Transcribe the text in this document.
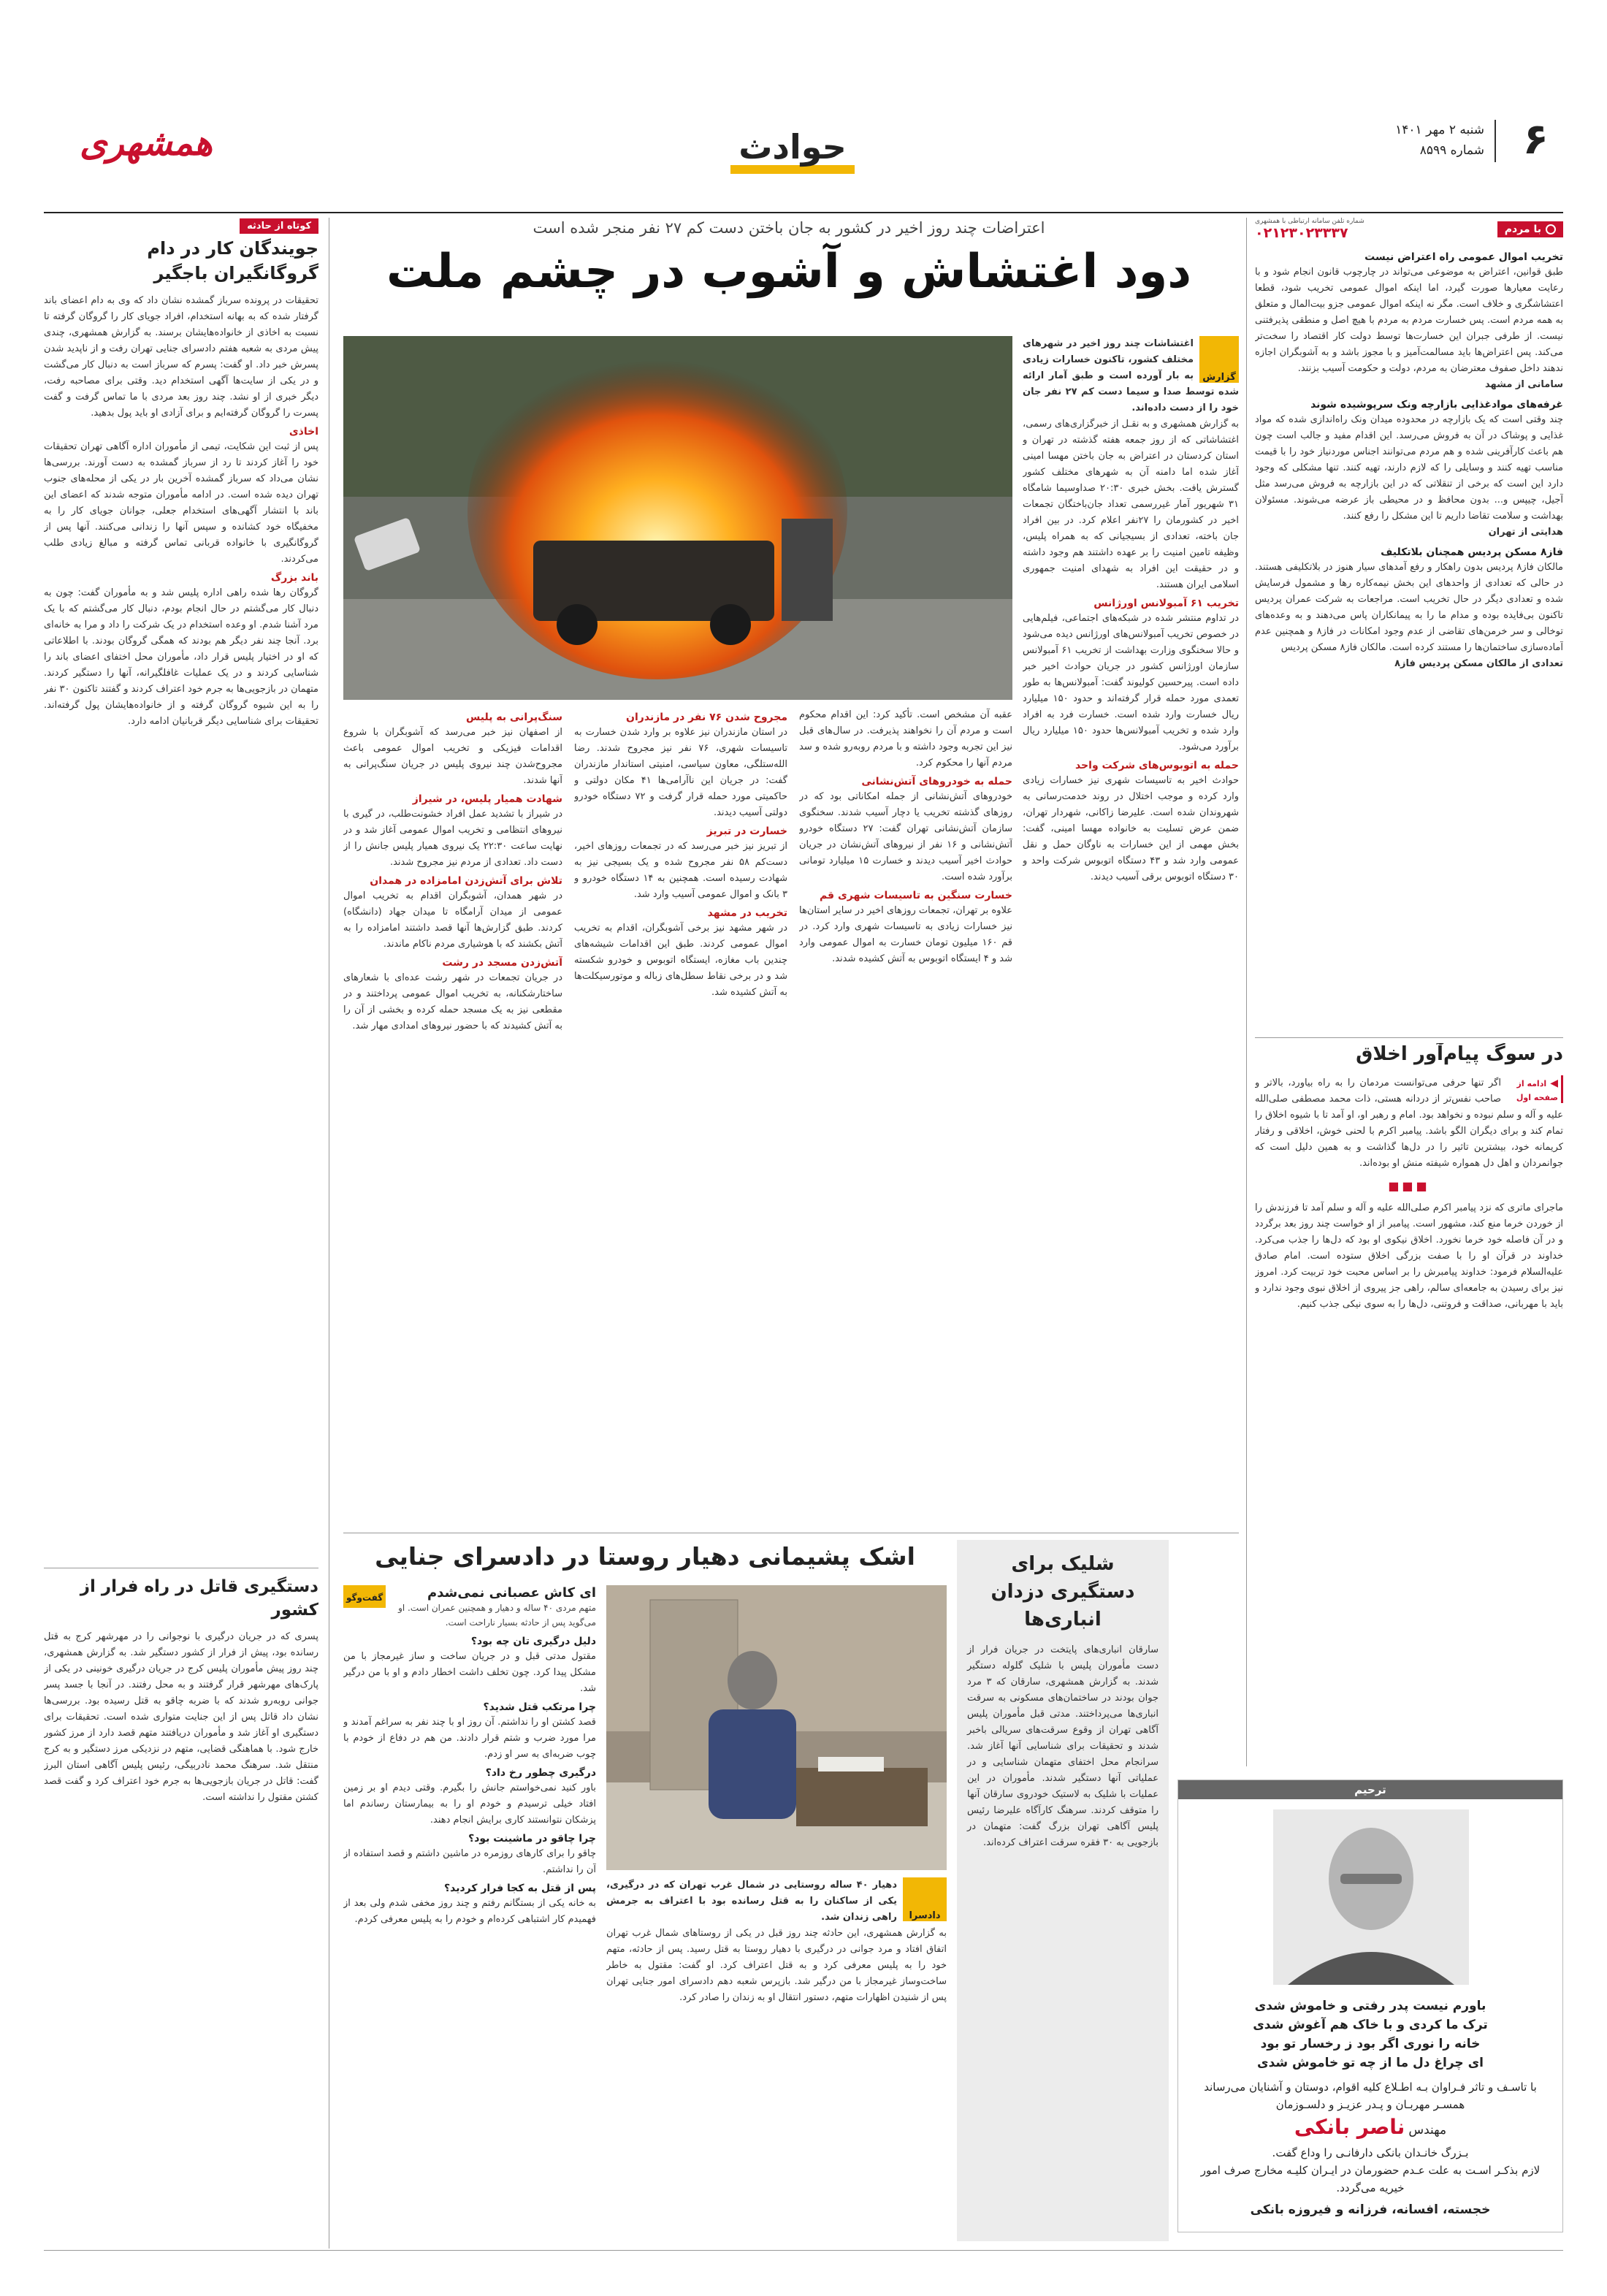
۶
شنبه ۲ مهر ۱۴۰۱
شماره ۸۵۹۹
حوادث
همشهری
با مردم
شماره تلفن سامانه ارتباطی با همشهری
۰۲۱۲۳۰۲۳۳۳۷

تخریب اموال عمومی راه اعتراض نیست

طبق قوانین، اعتراض به موضوعی می‌تواند در چارچوب قانون انجام شود و با رعایت معیارها صورت گیرد، اما اینکه اموال عمومی تخریب شود، قطعا اعتشاشگری و خلاف است. مگر نه اینکه اموال عمومی جزو بیت‌المال و متعلق به همه مردم است. پس خسارت مردم به مردم با هیچ اصل و منطقی پذیرفتنی نیست. از طرفی جبران این خسارت‌ها توسط دولت کار اقتصاد را سخت‌تر می‌کند. پس اعتراض‌ها باید مسالمت‌آمیز و با مجوز باشد و به آشوبگران اجازه ندهند داخل صفوف معترضان به مردم، دولت و حکومت آسیب بزنند.

سامانی از مشهد

غرفه‌های موادغذایی بازارچه ونک سرپوشیده شوند

چند وقتی است که یک بازارچه در محدوده میدان ونک راه‌اندازی شده که مواد غذایی و پوشاک در آن به فروش می‌رسد. این اقدام مفید و جالب است چون هم باعث کارآفرینی شده و هم مردم می‌توانند اجناس موردنیاز خود را با قیمت مناسب تهیه کنند و وسایلی را که لازم دارند، تهیه کنند. تنها مشکلی که وجود دارد این است که برخی از تنقلاتی که در این بازارچه به فروش می‌رسد مثل آجیل، چیپس و... بدون محافظ و در محیطی باز عرضه می‌شوند. مسئولان بهداشت و سلامت تقاضا داریم تا این مشکل را رفع کنند.

هدایتی از تهران

فاز۸ مسکن پردیس همچنان بلاتکلیف

مالکان فاز۸ پردیس بدون راهکار و رفع آمدهای سیار هنوز در بلاتکلیفی هستند. در حالی که تعدادی از واحدهای این بخش نیمه‌کاره رها و مشمول فرسایش شده و تعدادی دیگر در حال تخریب است. مراجعات به شرکت عمران پردیس تاکنون بی‌فایده بوده و مدام ما را به پیمانکاران پاس می‌دهند و به وعده‌های توخالی و سر خرمن‌های تقاضی از عدم وجود امکانات در فاز۸ و همچنین عدم آماده‌سازی ساختمان‌ها را مستند کرده است. مالکان فاز۸ مسکن پردیس

تعدادی از مالکان مسکن پردیس فاز۸

در سوگ پیام‌آور اخلاق
◀ ادامه از صفحه اول

اگر تنها حرفی می‌توانست مردمان را به راه بیاورد، بالاتر و صاحب نفس‌تر از دردانه هستی، ذات محمد مصطفی صلی‌الله علیه و آله و سلم نبوده و نخواهد بود. امام و رهبر او، او آمد تا با شیوه اخلاق را تمام کند و برای دیگران الگو باشد. پیامبر اکرم با لحنی خوش، اخلاقی و رفتار کریمانه خود، بیشترین تاثیر را در دل‌ها گذاشت و به همین دلیل است که جوانمردان و اهل دل همواره شیفته منش او بوده‌اند.

■■■

ماجرای ماتری که نزد پیامبر اکرم صلی‌الله علیه و آله و سلم آمد تا فرزندش را از خوردن خرما منع کند، مشهور است. پیامبر از او خواست چند روز بعد برگردد و در آن فاصله خود خرما نخورد. اخلاق نیکوی او بود که دل‌ها را جذب می‌کرد. خداوند در قرآن او را با صفت بزرگی اخلاق ستوده است. امام صادق علیه‌السلام فرمود: خداوند پیامبرش را بر اساس محبت خود تربیت کرد. امروز نیز برای رسیدن به جامعه‌ای سالم، راهی جز پیروی از اخلاق نبوی وجود ندارد و باید با مهربانی، صداقت و فروتنی، دل‌ها را به سوی نیکی جذب کنیم.

ترحیم
باورم نیست پدر رفتی و خاموش شدی
ترک ما کردی و با خاک هم آغوش شدی
خانه را نوری اگر بود ز رخسار تو بود
ای چراغ دل ما از چه تو خاموش شدی
با تاسـف و تاثر فـراوان بـه اطـلاع کلیه اقوام، دوستان و آشنایان می‌رساند
همسـر مهربـان و پـدر عزیـز و دلسـوزمان
مهندس ناصر بانکی
بـزرگ خانـدان بانکی دارفانـی را وداع گفت.
لازم بذکـر اسـت به علت عـدم حضورمان در ایـران کلیـه مخارج صرف امور خیریه می‌گردد.
خجسته، افسانه، فرزانه و فیروزه بانکی
اعتراضات چند روز اخیر در کشور به جان باختن دست کم ۲۷ نفر منجر شده است
دود اغتشاش و آشوب در چشم ملت
گزارش

اغتشاشات چند روز اخیر در شهرهای مختلف کشور، تاکنون خسارات زیادی به بار آورده است و طبق آمار ارائه شده توسط صدا و سیما دست کم ۲۷ نفر جان خود را از دست داده‌اند.

به گزارش همشهری و به نقـل از خبرگزاری‌های رسمی، اغتشاشاتی که از روز جمعه هفته گذشته در تهران و استان کردستان در اعتراض به جان باختن مهسا امینی آغاز شده اما دامنه آن به شهرهای مختلف کشور گسترش یافت. بخش خبری ۲۰:۳۰ صداوسیما شامگاه ۳۱ شهریور آمار غیررسمی تعداد جان‌باختگان تجمعات اخیر در کشورمان را ۲۷نفر اعلام کرد. در بین افراد جان باخته، تعدادی از بسیجیانی که به همراه پلیس، وظیفه تامین امنیت را بر عهده داشتند هم وجود داشته و در حقیقت این افراد به شهدای امنیت جمهوری اسلامی ایران هستند.

تخریب ۶۱ آمبولانس اورژانس

در تداوم منتشر شده در شبکه‌های اجتماعی، فیلم‌هایی در خصوص تخریب آمبولانس‌های اورژانس دیده می‌شود و حالا سخنگوی وزارت بهداشت از تخریب ۶۱ آمبولانس سازمان اورژانس کشور در جریان حوادث اخیر خبر داده است. پیرحسین کولیوند گفت: آمبولانس‌ها به طور تعمدی مورد حمله قرار گرفته‌اند و حدود ۱۵۰ میلیارد ریال خسارت وارد شده است. خسارت فرد به افراد وارد شده و تخریب آمبولانس‌ها حدود ۱۵۰ میلیارد ریال برآورد می‌شود.

حمله به اتوبوس‌های شرکت واحد

حوادث اخیر به تاسیسات شهری نیز خسارات زیادی وارد کرده و موجب اختلال در روند خدمت‌رسانی به شهروندان شده است. علیرضا زاکانی، شهردار تهران، ضمن عرض تسلیت به خانواده مهسا امینی، گفت: بخش مهمی از این خسارات به ناوگان حمل و نقل عمومی وارد شد و ۴۳ دستگاه اتوبوس شرکت واحد و ۳۰ دستگاه اتوبوس برقی آسیب دیدند.

عقبه آن مشخص است. تأکید کرد: این اقدام محکوم است و مردم آن را نخواهند پذیرفت. در سال‌های قبل نیز این تجربه وجود داشته و با مردم روبه‌رو شده و سد مردم آنها را محکوم کرد.

حمله به خودروهای آتش‌نشانی

خودروهای آتش‌نشانی از جمله امکاناتی بود که در روزهای گذشته تخریب یا دچار آسیب شدند. سخنگوی سازمان آتش‌نشانی تهران گفت: ۲۷ دستگاه خودرو آتش‌نشانی و ۱۶ نفر از نیروهای آتش‌نشان در جریان حوادث اخیر آسیب دیدند و خسارت ۱۵ میلیارد تومانی برآورد شده است.

خسارت سنگین به تاسیسات شهری قم

علاوه بر تهران، تجمعات روزهای اخیر در سایر استان‌ها نیز خسارات زیادی به تاسیسات شهری وارد کرد. در قم ۱۶۰ میلیون تومان خسارت به اموال عمومی وارد شد و ۴ ایستگاه اتوبوس به آتش کشیده شدند.

مجروح شدن ۷۶ نفر در مازندران

در استان مازندران نیز علاوه بر وارد شدن خسارت به تاسیسات شهری، ۷۶ نفر نیز مجروح شدند. رضا الله‌ستلگی، معاون سیاسی، امنیتی استاندار مازندران گفت: در جریان این ناآرامی‌ها ۴۱ مکان دولتی و حاکمیتی مورد حمله قرار گرفت و ۷۲ دستگاه خودرو دولتی آسیب دیدند.

خسارت در تبریز

از تبریز نیز خبر می‌رسد که در تجمعات روزهای اخیر، دست‌کم ۵۸ نفر مجروح شده و یک بسیجی نیز به شهادت رسیده است. همچنین به ۱۴ دستگاه خودرو و ۳ بانک و اموال عمومی آسیب وارد شد.

تخریب در مشهد

در شهر مشهد نیز برخی آشوبگران، اقدام به تخریب اموال عمومی کردند. طبق این اقدامات شیشه‌های چندین باب مغازه، ایستگاه اتوبوس و خودرو شکسته شد و در برخی نقاط سطل‌های زباله و موتورسیکلت‌ها به آتش کشیده شد.

سنگ‌پرانی به پلیس

از اصفهان نیز خبر می‌رسد که آشوبگران با شروع اقدامات فیزیکی و تخریب اموال عمومی باعث مجروح‌شدن چند نیروی پلیس در جریان سنگ‌پرانی به آنها شدند.

شهادت همیار پلیس، در شیراز

در شیراز با تشدید عمل افراد خشونت‌طلب، در گیری با نیروهای انتظامی و تخریب اموال عمومی آغاز شد و در نهایت ساعت ۲۲:۳۰ یک نیروی همیار پلیس جانش را از دست داد. تعدادی از مردم نیز مجروح شدند.

تلاش برای آتش‌زدن امامزاده در همدان

در شهر همدان، آشوبگران اقدام به تخریب اموال عمومی از میدان آرامگاه تا میدان جهاد (دانشگاه) کردند. طبق گزارش‌ها آنها قصد داشتند امامزاده را به آتش بکشند که با هوشیاری مردم ناکام ماندند.

آتش‌زدن مسجد در رشت

در جریان تجمعات در شهر رشت عده‌ای با شعارهای ساختارشکنانه، به تخریب اموال عمومی پرداختند و در مقطعی نیز به یک مسجد حمله کرده و بخشی از آن را به آتش کشیدند که با حضور نیروهای امدادی مهار شد.

کوتاه از حادثه
جویندگان کار در دام گروگانگیران باجگیر

تحقیقات در پرونده سرباز گمشده نشان داد که وی به دام اعضای باند گرفتار شده که به بهانه استخدام، افراد جویای کار را گروگان گرفته تا نسبت به اخاذی از خانواده‌هایشان برسند. به گزارش همشهری، چندی پیش مردی به شعبه هفتم دادسرای جنایی تهران رفت و از ناپدید شدن پسرش خبر داد. او گفت: پسرم که سرباز است به دنبال کار می‌گشت و در یکی از سایت‌ها آگهی استخدام دید. وقتی برای مصاحبه رفت، دیگر خبری از او نشد. چند روز بعد مردی با ما تماس گرفت و گفت پسرت را گروگان گرفته‌ایم و برای آزادی او باید پول بدهید.

اخاذی

پس از ثبت این شکایت، تیمی از مأموران اداره آگاهی تهران تحقیقات خود را آغاز کردند تا رد از سرباز گمشده به دست آورند. بررسی‌ها نشان می‌داد که سرباز گمشده آخرین بار در یکی از محله‌های جنوب تهران دیده شده است. در ادامه مأموران متوجه شدند که اعضای این باند با انتشار آگهی‌های استخدام جعلی، جوانان جویای کار را به مخفیگاه خود کشانده و سپس آنها را زندانی می‌کنند. آنها پس از گروگانگیری با خانواده قربانی تماس گرفته و مبالغ زیادی طلب می‌کردند.

باند بزرگ

گروگان رها شده راهی اداره پلیس شد و به مأموران گفت: چون به دنبال کار می‌گشتم در حال انجام بودم، دنبال کار می‌گشتم که با یک مرد آشنا شدم. او وعده استخدام در یک شرکت را داد و مرا به خانه‌ای برد. آنجا چند نفر دیگر هم بودند که همگی گروگان بودند. با اطلاعاتی که او در اختیار پلیس قرار داد، مأموران محل اختفای اعضای باند را شناسایی کردند و در یک عملیات غافلگیرانه، آنها را دستگیر کردند. متهمان در بازجویی‌ها به جرم خود اعتراف کردند و گفتند تاکنون ۳۰ نفر را به این شیوه گروگان گرفته و از خانواده‌هایشان پول گرفته‌اند. تحقیقات برای شناسایی دیگر قربانیان ادامه دارد.

دستگیری قاتل در راه فرار از کشور

پسری که در جریان درگیری با نوجوانی را در مهرشهر کرج به قتل رسانده بود، پیش از فرار از کشور دستگیر شد. به گزارش همشهری، چند روز پیش مأموران پلیس کرج در جریان درگیری خونینی در یکی از پارک‌های مهرشهر قرار گرفتند و به محل رفتند. در آنجا با جسد پسر جوانی روبه‌رو شدند که با ضربه چاقو به قتل رسیده بود. بررسی‌ها نشان داد قاتل پس از این جنایت متواری شده است. تحقیقات برای دستگیری او آغاز شد و مأموران دریافتند متهم قصد دارد از مرز کشور خارج شود. با هماهنگی قضایی، متهم در نزدیکی مرز دستگیر و به کرج منتقل شد. سرهنگ محمد نادربیگی، رئیس پلیس آگاهی استان البرز گفت: قاتل در جریان بازجویی‌ها به جرم خود اعتراف کرد و گفت قصد کشتن مقتول را نداشته است.

اشک پشیمانی دهیار روستا در دادسرای جنایی
دادسرا

دهیار ۴۰ ساله روستایی در شمال غرب تهران که در درگیری، یکی از ساکنان را به قتل رسانده بود با اعتراف به جرمش راهی زندان شد.

به گزارش همشهری، این حادثه چند روز قبل در یکی از روستاهای شمال غرب تهران اتفاق افتاد و مرد جوانی در درگیری با دهیار روستا به قتل رسید. پس از حادثه، متهم خود را به پلیس معرفی کرد و به قتل اعتراف کرد. او گفت: مقتول به خاطر ساخت‌وساز غیرمجاز با من درگیر شد. بازپرس شعبه دهم دادسرای امور جنایی تهران پس از شنیدن اظهارات متهم، دستور انتقال او به زندان را صادر کرد.

گفت‌وگو	ای کاش عصبانی نمی‌شدم
متهم مردی ۴۰ ساله و دهیار و همچنین عمران است. او می‌گوید پس از حادثه بسیار ناراحت است.

دلیل درگیری تان چه بود؟

مقتول مدتی قبل و در جریان ساخت و ساز غیرمجاز با من مشکل پیدا کرد. چون تخلف داشت اخطار دادم و او با من درگیر شد.

چرا مرتکب قتل شدید؟

قصد کشتن او را نداشتم. آن روز او با چند نفر به سراغم آمدند و مرا مورد ضرب و شتم قرار دادند. من هم در دفاع از خودم با چوب ضربه‌ای به سر او زدم.

درگیری چطور رخ داد؟

باور کنید نمی‌خواستم جانش را بگیرم. وقتی دیدم او بر زمین افتاد خیلی ترسیدم و خودم او را به بیمارستان رساندم اما پزشکان نتوانستند کاری برایش انجام دهند.

چرا چاقو در ماشینت بود؟

چاقو را برای کارهای روزمره در ماشین داشتم و قصد استفاده از آن را نداشتم.

پس از قتل به کجا فرار کردید؟

به خانه یکی از بستگانم رفتم و چند روز مخفی شدم ولی بعد از فهمیدم کار اشتباهی کرده‌ام و خودم را به پلیس معرفی کردم.

شلیک برای دستگیری دزدان انباری‌ها

سارقان انباری‌های پایتخت در جریان فرار از دست مأموران پلیس با شلیک گلوله دستگیر شدند. به گزارش همشهری، سارقان که ۳ مرد جوان بودند در ساختمان‌های مسکونی به سرقت انباری‌ها می‌پرداختند. مدتی قبل مأموران پلیس آگاهی تهران از وقوع سرقت‌های سریالی باخبر شدند و تحقیقات برای شناسایی آنها آغاز شد. سرانجام محل اختفای متهمان شناسایی و در عملیاتی آنها دستگیر شدند. مأموران در این عملیات با شلیک به لاستیک خودروی سارقان آنها را متوقف کردند. سرهنگ کارآگاه علیرضا رئیس پلیس آگاهی تهران بزرگ گفت: متهمان در بازجویی به ۳۰ فقره سرقت اعتراف کرده‌اند.
